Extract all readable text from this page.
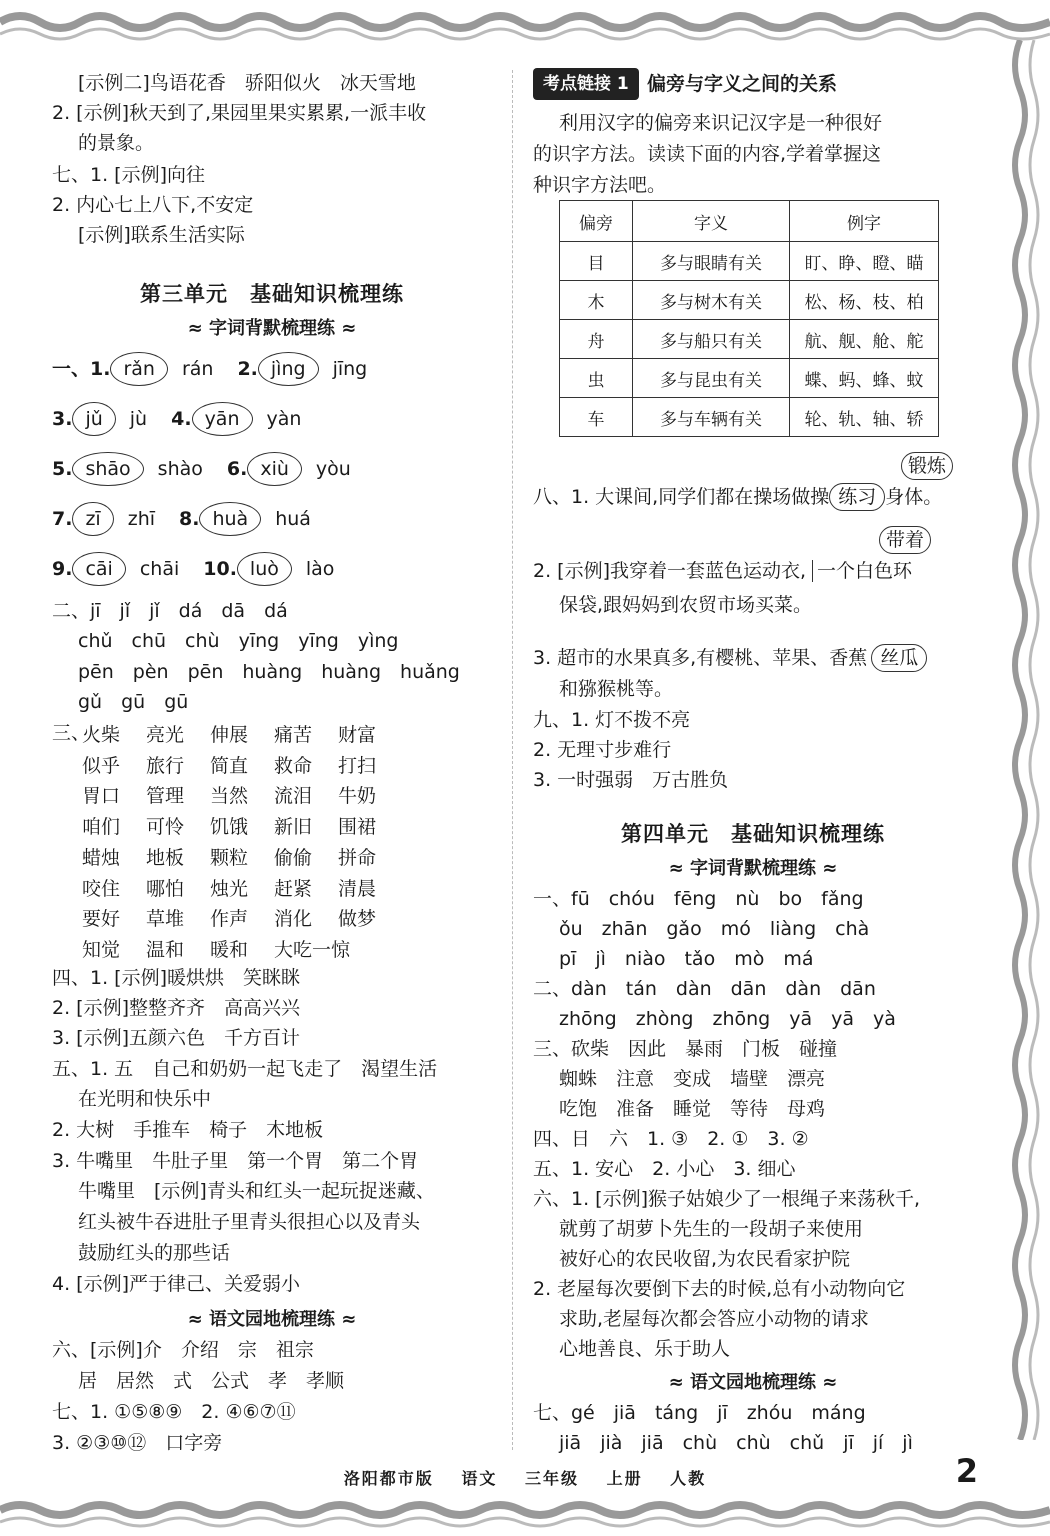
[示例二]鸟语花香　骄阳似火　冰天雪地
2. [示例]秋天到了,果园里果实累累,一派丰收
的景象。
七、1. [示例]向往
2. 内心七上八下,不安定
[示例]联系生活实际
第三单元　基础知识梳理练
≈ 字词背默梳理练 ≈
一、1. rǎn rán 2. jìng jīng
3. jǔ jù 4. yān yàn
5. shāo shào 6. xiù yòu
7. zī zhī 8. huà huá
9. cāi chāi 10. luò lào
二、jī　jǐ　jǐ　dá　dā　dá
chǔ　chū　chù　yīng　yīng　yìng
pēn　pèn　pēn　huàng　huàng　huǎng
gǔ　gū　gū
三、
火柴 亮光 伸展 痛苦 财富
似乎 旅行 简直 救命 打扫
胃口 管理 当然 流泪 牛奶
咱们 可怜 饥饿 新旧 围裙
蜡烛 地板 颗粒 偷偷 拼命
咬住 哪怕 烛光 赶紧 清晨
要好 草堆 作声 消化 做梦
知觉 温和 暖和 大吃一惊
四、1. [示例]暖烘烘　笑眯眯
2. [示例]整整齐齐　高高兴兴
3. [示例]五颜六色　千方百计
五、1. 五　自己和奶奶一起飞走了　渴望生活
在光明和快乐中
2. 大树　手推车　椅子　木地板
3. 牛嘴里　牛肚子里　第一个胃　第二个胃
牛嘴里　[示例]青头和红头一起玩捉迷藏、
红头被牛吞进肚子里青头很担心以及青头
鼓励红头的那些话
4. [示例]严于律己、关爱弱小
≈ 语文园地梳理练 ≈
六、[示例]介　介绍　宗　祖宗
居　居然　式　公式　孝　孝顺
七、1. ①⑤⑧⑨　2. ④⑥⑦⑪
3. ②③⑩⑫　口字旁
考点链接 1 偏旁与字义之间的关系
利用汉字的偏旁来识记汉字是一种很好
的识字方法。读读下面的内容,学着掌握这
种识字方法吧。
偏旁	字义	例字
目	多与眼睛有关	盯、睁、瞪、瞄
木	多与树木有关	松、杨、枝、柏
舟	多与船只有关	航、舰、舱、舵
虫	多与昆虫有关	蝶、蚂、蜂、蚊
车	多与车辆有关	轮、轨、轴、轿
锻炼
八、1. 大课间,同学们都在操场做操 练习 身体。
带着
2. [示例]我穿着一套蓝色运动衣, 一个白色环
保袋,跟妈妈到农贸市场买菜。
3. 超市的水果真多,有樱桃、苹果、香蕉 丝瓜
和猕猴桃等。
九、1. 灯不拨不亮
2. 无理寸步难行
3. 一时强弱　万古胜负
第四单元　基础知识梳理练
≈ 字词背默梳理练 ≈
一、fū　chóu　fēng　nù　bo　fǎng
ǒu　zhān　gǎo　mó　liàng　chà
pī　jì　niào　tǎo　mò　má
二、dàn　tán　dàn　dān　dàn　dān
zhōng　zhòng　zhōng　yā　yā　yà
三、砍柴　因此　暴雨　门板　碰撞
蜘蛛　注意　变成　墙壁　漂亮
吃饱　准备　睡觉　等待　母鸡
四、日　六　1. ③　2. ①　3. ②
五、1. 安心　2. 小心　3. 细心
六、1. [示例]猴子姑娘少了一根绳子来荡秋千,
就剪了胡萝卜先生的一段胡子来使用
被好心的农民收留,为农民看家护院
2. 老屋每次要倒下去的时候,总有小动物向它
求助,老屋每次都会答应小动物的请求
心地善良、乐于助人
≈ 语文园地梳理练 ≈
七、gé　jiā　táng　jī　zhóu　máng
jiā　jià　jiā　chù　chù　chǔ　jī　jí　jì
洛阳都市版 语文 三年级 上册 人教	2
